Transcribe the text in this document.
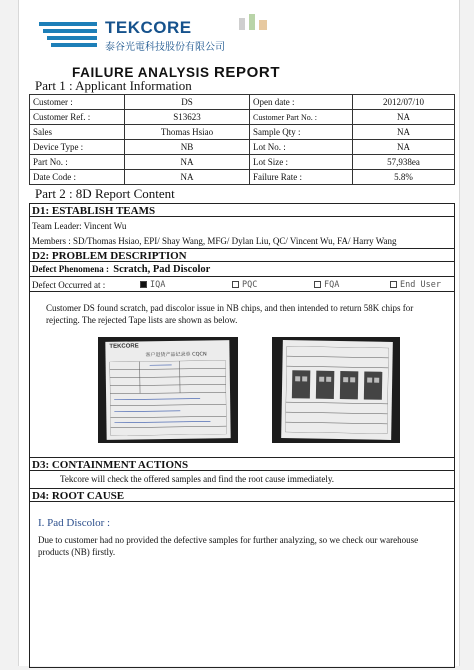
TEKCORE
泰谷光電科技股份有限公司
FAILURE ANALYSIS REPORT
Part 1 : Applicant Information
Customer :	DS	Open date :	2012/07/10
Customer Ref. :	S13623	Customer Part No. :	NA
Sales	Thomas Hsiao	Sample Qty :	NA
Device Type :	NB	Lot No. :	NA
Part No. :	NA	Lot Size :	57,938ea
Date Code :	NA	Failure Rate :	5.8%
Part 2 : 8D Report Content
D1: ESTABLISH TEAMS
Team Leader: Vincent Wu
Members : SD/Thomas Hsiao, EPI/ Shay Wang, MFG/ Dylan Liu, QC/ Vincent Wu, FA/ Harry Wang
D2: PROBLEM DESCRIPTION
Defect Phenomena : Scratch, Pad Discolor
Defect Occurred at :	IQA	PQC	FQA	End User
Customer DS found scratch, pad discolor issue in NB chips, and then intended to return 58K chips for rejecting. The rejected Tape lists are shown as below.
TEKCORE
客户退货产品记录单 CQCN
D3: CONTAINMENT ACTIONS
Tekcore will check the offered samples and find the root cause immediately.
D4: ROOT CAUSE
I. Pad Discolor :
Due to customer had no provided the defective samples for further analyzing, so we check our warehouse products (NB) firstly.
